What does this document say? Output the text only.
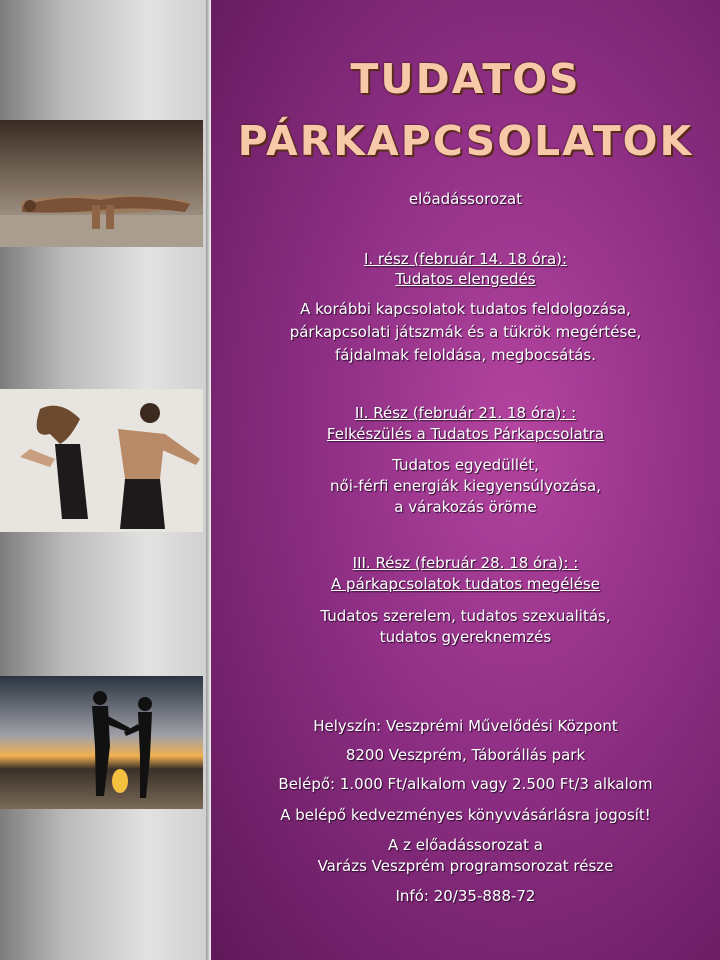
TUDATOS
PÁRKAPCSOLATOK
előadássorozat
I. rész (február 14. 18 óra):
Tudatos elengedés
A korábbi kapcsolatok tudatos feldolgozása,
párkapcsolati játszmák és a tükrök megértése,
fájdalmak feloldása, megbocsátás.
II. Rész (február 21. 18 óra): :
Felkészülés a Tudatos Párkapcsolatra
Tudatos egyedüllét,
női-férfi energiák kiegyensúlyozása,
a várakozás öröme
III. Rész (február 28. 18 óra): :
A párkapcsolatok tudatos megélése
Tudatos szerelem, tudatos szexualitás,
tudatos gyereknemzés
Helyszín: Veszprémi Művelődési Központ
8200 Veszprém, Táborállás park
Belépő: 1.000 Ft/alkalom vagy 2.500 Ft/3 alkalom
A belépő kedvezményes könyvvásárlásra jogosít!
A z előadássorozat a
Varázs Veszprém programsorozat része
Infó: 20/35-888-72
